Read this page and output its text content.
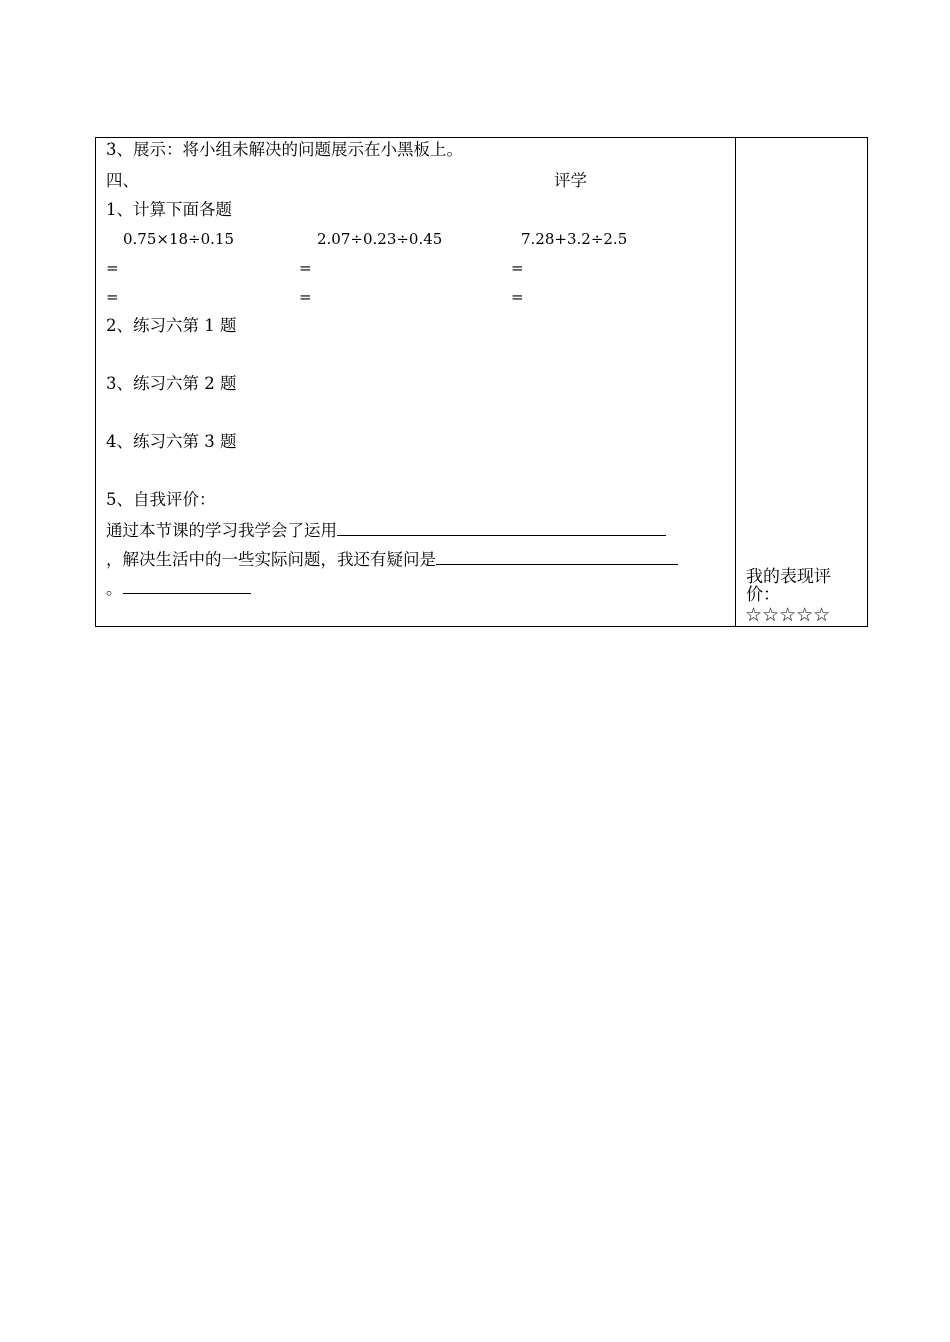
3、展示：将小组未解决的问题展示在小黑板上。
四、	评学
1、计算下面各题
0.75×18÷0.15	2.07÷0.23÷0.45	7.28+3.2÷2.5
=	=	=
=	=	=
2、练习六第 1 题
3、练习六第 2 题
4、练习六第 3 题
5、自我评价：
通过本节课的学习我学会了运用
，解决生活中的一些实际问题，我还有疑问是
。
我的表现评价：
☆☆☆☆☆
